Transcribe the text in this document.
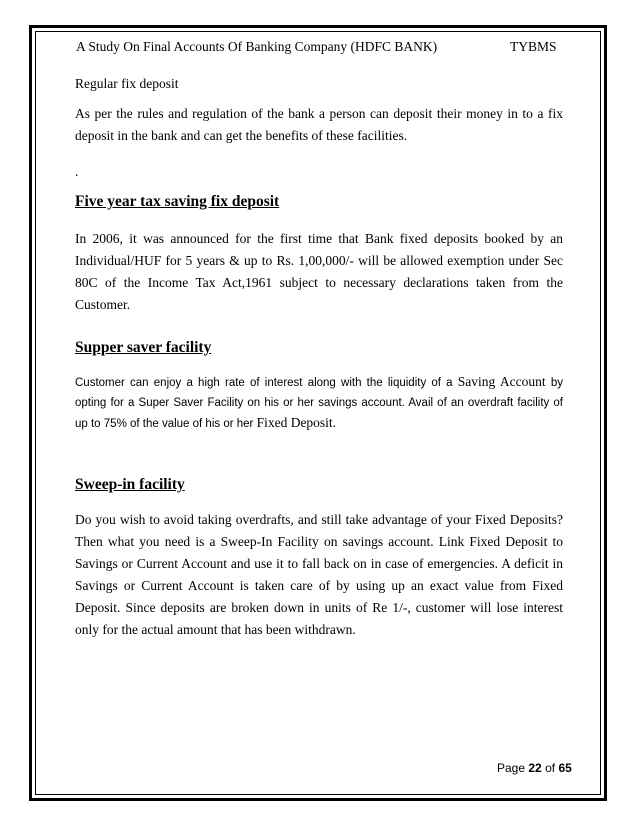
A Study On Final Accounts Of Banking Company (HDFC BANK)	TYBMS
Regular fix deposit
As per the rules and regulation of the bank a person can deposit their money in to a fix deposit in the bank and can get the benefits of these facilities.
.
Five year tax saving fix deposit
In 2006, it was announced for the first time that Bank fixed deposits booked by an Individual/HUF for 5 years & up to Rs. 1,00,000/- will be allowed exemption under Sec 80C of the Income Tax Act,1961 subject to necessary declarations taken from the Customer.
Supper saver facility
Customer can enjoy a high rate of interest along with the liquidity of a Saving Account by opting for a Super Saver Facility on his or her savings account. Avail of an overdraft facility of up to 75% of the value of his or her Fixed Deposit.
Sweep-in facility
Do you wish to avoid taking overdrafts, and still take advantage of your Fixed Deposits? Then what you need is a Sweep-In Facility on savings account. Link Fixed Deposit to Savings or Current Account and use it to fall back on in case of emergencies. A deficit in Savings or Current Account is taken care of by using up an exact value from Fixed Deposit. Since deposits are broken down in units of Re 1/-, customer will lose interest only for the actual amount that has been withdrawn.
Page 22 of 65
